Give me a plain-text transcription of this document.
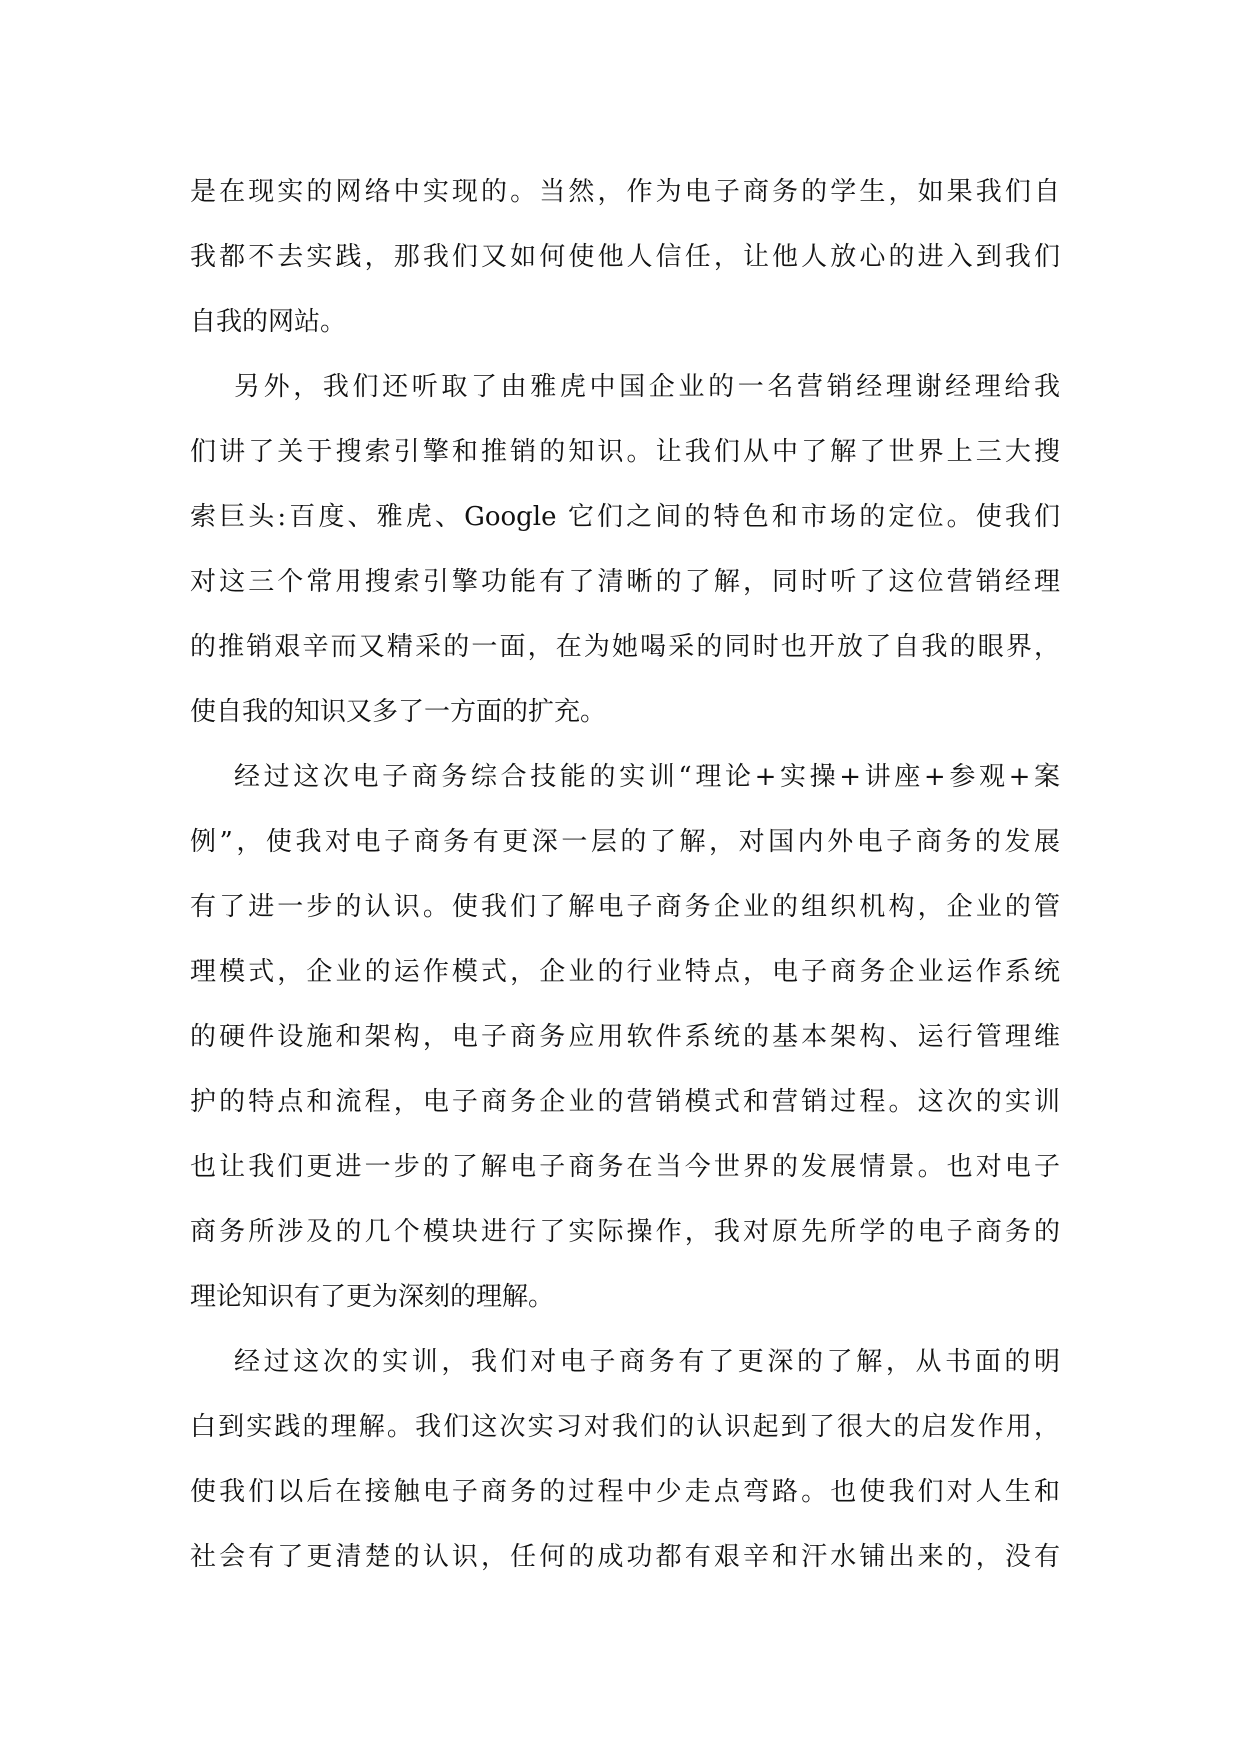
是在现实的网络中实现的。当然，作为电子商务的学生，如果我们自
我都不去实践，那我们又如何使他人信任，让他人放心的进入到我们
自我的网站。
另外，我们还听取了由雅虎中国企业的一名营销经理谢经理给我
们讲了关于搜索引擎和推销的知识。让我们从中了解了世界上三大搜
索巨头:百度、雅虎、Google 它们之间的特色和市场的定位。使我们
对这三个常用搜索引擎功能有了清晰的了解，同时听了这位营销经理
的推销艰辛而又精采的一面，在为她喝采的同时也开放了自我的眼界，
使自我的知识又多了一方面的扩充。
经过这次电子商务综合技能的实训“理论+实操+讲座+参观+案
例”，使我对电子商务有更深一层的了解，对国内外电子商务的发展
有了进一步的认识。使我们了解电子商务企业的组织机构，企业的管
理模式，企业的运作模式，企业的行业特点，电子商务企业运作系统
的硬件设施和架构，电子商务应用软件系统的基本架构、运行管理维
护的特点和流程，电子商务企业的营销模式和营销过程。这次的实训
也让我们更进一步的了解电子商务在当今世界的发展情景。也对电子
商务所涉及的几个模块进行了实际操作，我对原先所学的电子商务的
理论知识有了更为深刻的理解。
经过这次的实训，我们对电子商务有了更深的了解，从书面的明
白到实践的理解。我们这次实习对我们的认识起到了很大的启发作用，
使我们以后在接触电子商务的过程中少走点弯路。也使我们对人生和
社会有了更清楚的认识，任何的成功都有艰辛和汗水铺出来的，没有
